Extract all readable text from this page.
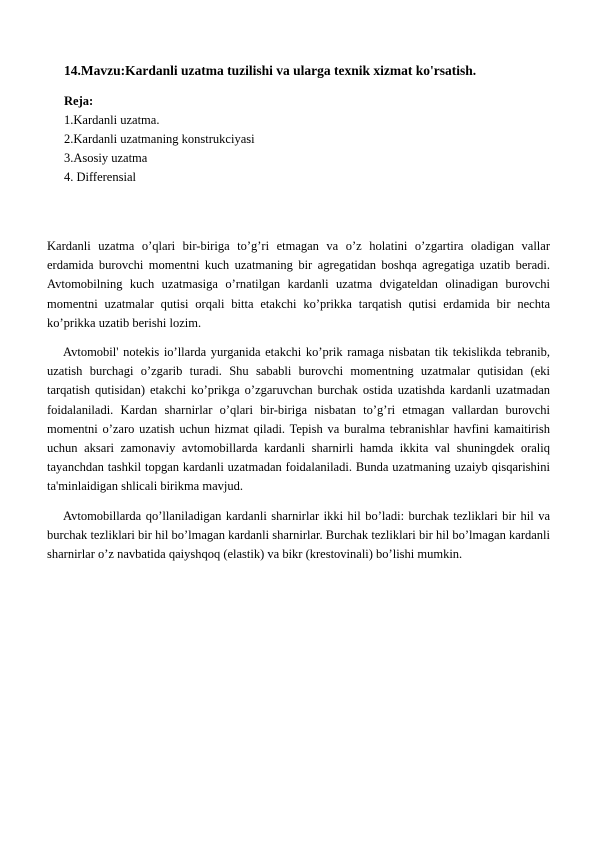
14.Mavzu:Kardanli uzatma tuzilishi va ularga texnik xizmat ko'rsatish.
Reja:
1.Kardanli uzatma.
2.Kardanli uzatmaning konstrukciyasi
3.Asosiy uzatma
4. Differensial

Kardanli uzatma o’qlari bir-biriga to’g’ri etmagan va o’z holatini o’zgartira oladigan vallar erdamida burovchi momentni kuch uzatmaning bir agregatidan boshqa agregatiga uzatib beradi. Avtomobilning kuch uzatmasiga o’rnatilgan kardanli uzatma dvigateldan olinadigan burovchi momentni uzatmalar qutisi orqali bitta etakchi ko’prikka tarqatish qutisi erdamida bir nechta ko’prikka uzatib berishi lozim.

Avtomobil' notekis io’llarda yurganida etakchi ko’prik ramaga nisbatan tik tekislikda tebranib, uzatish burchagi o’zgarib turadi. Shu sababli burovchi momentning uzatmalar qutisidan (eki tarqatish qutisidan) etakchi ko’prikga o’zgaruvchan burchak ostida uzatishda kardanli uzatmadan foidalaniladi. Kardan sharnirlar o’qlari bir-biriga nisbatan to’g’ri etmagan vallardan burovchi momentni o’zaro uzatish uchun hizmat qiladi. Tepish va buralma tebranishlar havfini kamaitirish uchun aksari zamonaviy avtomobillarda kardanli sharnirli hamda ikkita val shuningdek oraliq tayanchdan tashkil topgan kardanli uzatmadan foidalaniladi. Bunda uzatmaning uzaiyb qisqarishini ta'minlaidigan shlicali birikma mavjud.

Avtomobillarda qo’llaniladigan kardanli sharnirlar ikki hil bo’ladi: burchak tezliklari bir hil va burchak tezliklari bir hil bo’lmagan kardanli sharnirlar. Burchak tezliklari bir hil bo’lmagan kardanli sharnirlar o’z navbatida qaiyshqoq (elastik) va bikr (krestovinali) bo’lishi mumkin.
